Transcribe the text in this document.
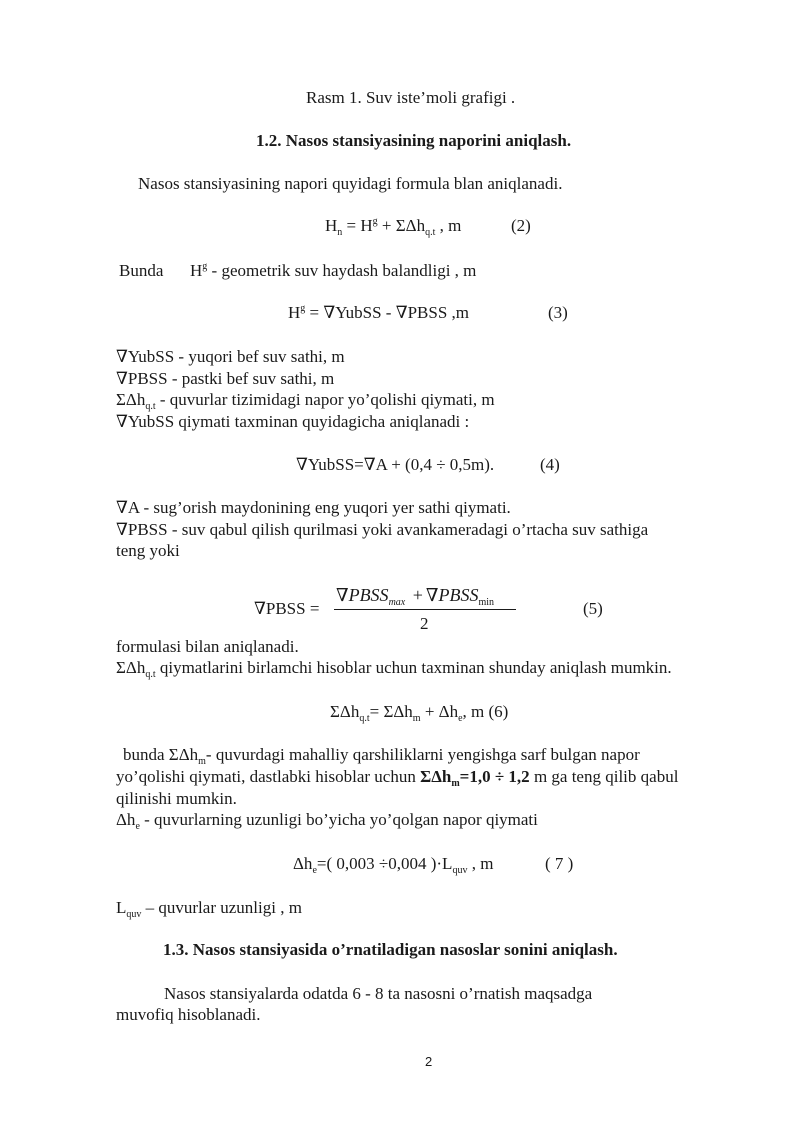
Rasm 1. Suv iste’moli grafigi .
1.2. Nasos stansiyasining naporini aniqlash.
Nasos stansiyasining napori quyidagi formula blan aniqlanadi.
$H_n = H^g + \Sigma\Delta h_{q.t}$ , m	(2)
Bunda $H^g$ - geometrik suv haydash balandligi , m
$H^g$ = ∇YubSS - ∇PBSS ,m	(3)
∇YubSS - yuqori bef suv sathi, m
∇PBSS - pastki bef suv sathi, m
ΣΔh$_{q.t}$ - quvurlar tizimidagi napor yo’qolishi qiymati, m
∇YubSS qiymati taxminan quyidagicha aniqlanadi :
∇YubSS=∇A + (0,4 ÷ 0,5m).	(4)
∇A - sug’orish maydonining eng yuqori yer sathi qiymati.
∇PBSS - suv qabul qilish qurilmasi yoki avankameradagi o’rtacha suv sathiga
teng yoki
∇PBSS =
$\nabla PBSS_{max}$ + $\nabla PBSS_{min}$
2
(5)
formulasi bilan aniqlanadi.
ΣΔh$_{q.t}$ qiymatlarini birlamchi hisoblar uchun taxminan shunday aniqlash mumkin.
$\Sigma\Delta h_{q.t}= \Sigma\Delta h_m + \Delta h_e$, m (6)
bunda ΣΔh$_m$- quvurdagi mahalliy qarshiliklarni yengishga sarf bulgan napor
yo’qolishi qiymati, dastlabki hisoblar uchun ΣΔh$_m$=1,0 ÷ 1,2 m ga teng qilib qabul
qilinishi mumkin.
$\Delta h_e$ - quvurlarning uzunligi bo’yicha yo’qolgan napor qiymati
$\Delta h_e=$( 0,003 ÷0,004 )$\cdot L_{quv}$ , m	( 7 )
$L_{quv}$ – quvurlar uzunligi , m
1.3. Nasos stansiyasida o’rnatiladigan nasoslar sonini aniqlash.
Nasos stansiyalarda odatda 6 - 8 ta nasosni o’rnatish maqsadga
muvofiq hisoblanadi.
2
